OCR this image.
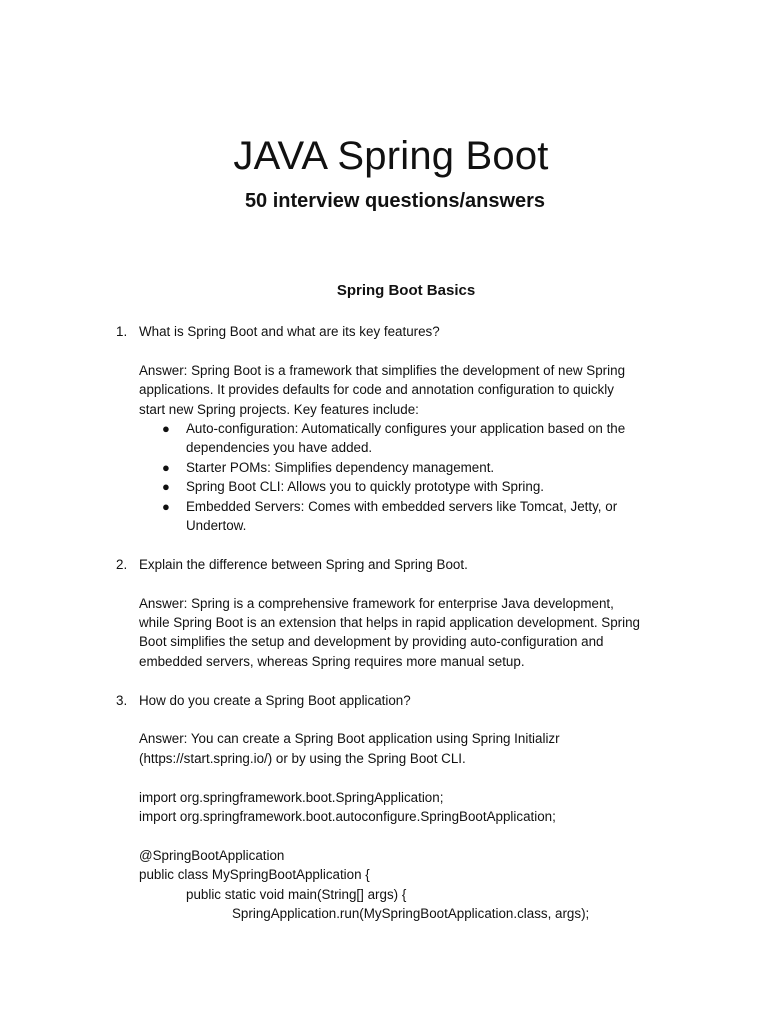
JAVA Spring Boot
50 interview questions/answers
Spring Boot Basics
1. What is Spring Boot and what are its key features?
Answer: Spring Boot is a framework that simplifies the development of new Spring
applications. It provides defaults for code and annotation configuration to quickly
start new Spring projects. Key features include:
● Auto-configuration: Automatically configures your application based on the
dependencies you have added.
● Starter POMs: Simplifies dependency management.
● Spring Boot CLI: Allows you to quickly prototype with Spring.
● Embedded Servers: Comes with embedded servers like Tomcat, Jetty, or
Undertow.
2. Explain the difference between Spring and Spring Boot.
Answer: Spring is a comprehensive framework for enterprise Java development,
while Spring Boot is an extension that helps in rapid application development. Spring
Boot simplifies the setup and development by providing auto-configuration and
embedded servers, whereas Spring requires more manual setup.
3. How do you create a Spring Boot application?
Answer: You can create a Spring Boot application using Spring Initializr
(https://start.spring.io/) or by using the Spring Boot CLI.
import org.springframework.boot.SpringApplication;
import org.springframework.boot.autoconfigure.SpringBootApplication;
@SpringBootApplication
public class MySpringBootApplication {
public static void main(String[] args) {
SpringApplication.run(MySpringBootApplication.class, args);
